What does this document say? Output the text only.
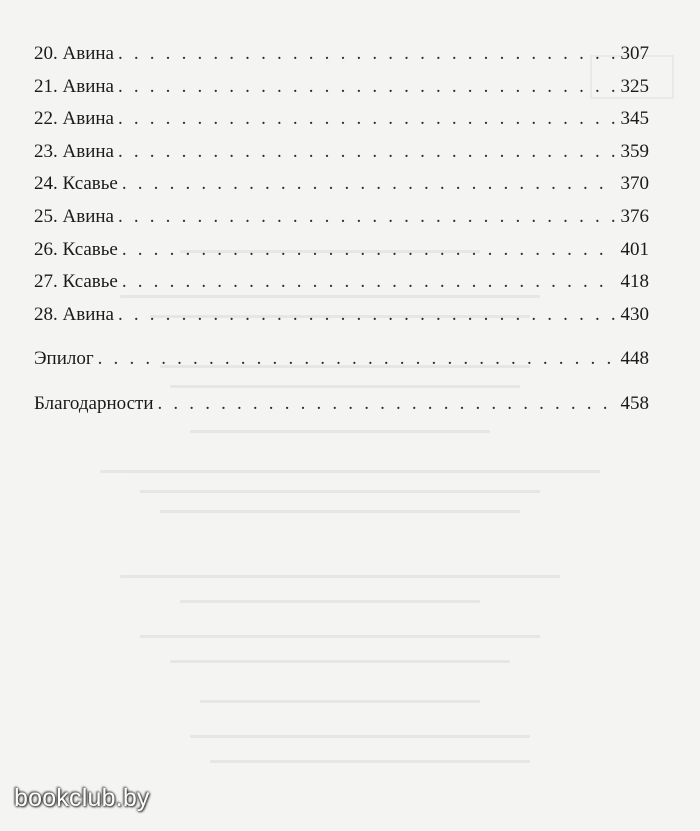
20. Авина . . .	307
21. Авина . . .	325
22. Авина . . .	345
23. Авина . . .	359
24. Ксавье . . .	370
25. Авина . . .	376
26. Ксавье . . .	401
27. Ксавье . . .	418
28. Авина . . .	430
Эпилог . . .	448
Благодарности . . .	458
bookclub.by
